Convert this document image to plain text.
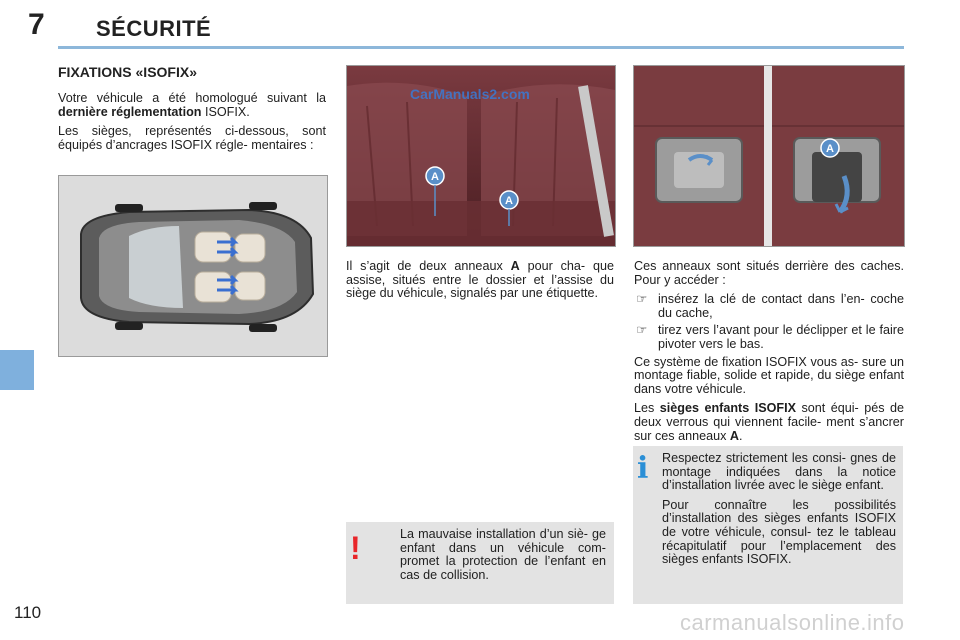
7 SÉCURITÉ
FIXATIONS «ISOFIX»

Votre véhicule a été homologué suivant la dernière réglementation ISOFIX.

Les sièges, représentés ci-dessous, sont équipés d’ancrages ISOFIX régle- mentaires :

A
A
CarManuals2.com
A

Il s’agit de deux anneaux A pour cha- que assise, situés entre le dossier et l’assise du siège du véhicule, signalés par une étiquette.

Ces anneaux sont situés derrière des caches. Pour y accéder :

☞ insérez la clé de contact dans l’en- coche du cache,
☞ tirez vers l’avant pour le déclipper et le faire pivoter vers le bas.

Ce système de fixation ISOFIX vous as- sure un montage fiable, solide et rapide, du siège enfant dans votre véhicule.

Les sièges enfants ISOFIX sont équi- pés de deux verrous qui viennent facile- ment s’ancrer sur ces anneaux A.

i Respectez strictement les consi- gnes de montage indiquées dans la notice d’installation livrée avec le siège enfant.

Pour connaître les possibilités d’installation des sièges enfants ISOFIX de votre véhicule, consul- tez le tableau récapitulatif pour l’emplacement des sièges enfants ISOFIX.

!	La mauvaise installation d’un siè- ge enfant dans un véhicule com- promet la protection de l’enfant en cas de collision.
110	carmanualsonline.info
